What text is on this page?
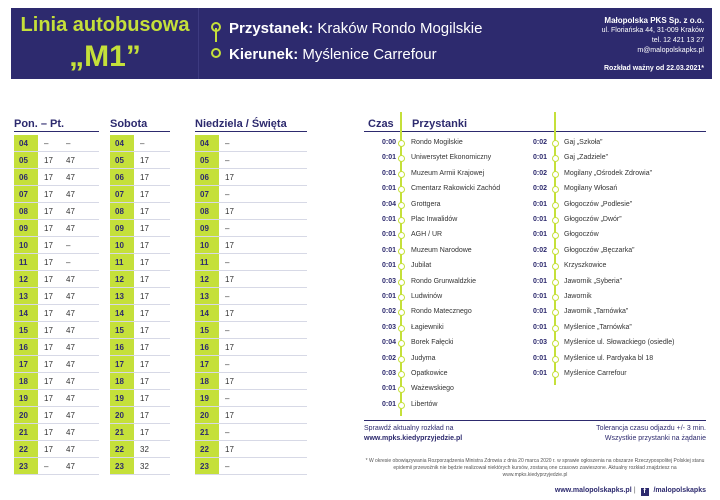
Linia autobusowa
„M1”
Przystanek: Kraków Rondo Mogilskie
Kierunek: Myślenice Carrefour
Małopolska PKS Sp. z o.o.
ul. Floriańska 44, 31-009 Kraków
tel. 12 421 13 27
m@malopolskapks.pl
Rozkład ważny od 22.03.2021*
Pon. – Pt.
04	– –
05	17 47
06	17 47
07	17 47
08	17 47
09	17 47
10	17 –
11	17 –
12	17 47
13	17 47
14	17 47
15	17 47
16	17 47
17	17 47
18	17 47
19	17 47
20	17 47
21	17 47
22	17 47
23	– 47
Sobota
04	–
05	17
06	17
07	17
08	17
09	17
10	17
11	17
12	17
13	17
14	17
15	17
16	17
17	17
18	17
19	17
20	17
21	17
22	32
23	32
Niedziela / Święta
04	–
05	–
06	17
07	–
08	17
09	–
10	17
11	–
12	17
13	–
14	17
15	–
16	17
17	–
18	17
19	–
20	17
21	–
22	17
23	–
Czas Przystanki
0:00 Rondo Mogilskie
0:01 Uniwersytet Ekonomiczny
0:01 Muzeum Armii Krajowej
0:01 Cmentarz Rakowicki Zachód
0:04 Grottgera
0:01 Plac Inwalidów
0:01 AGH / UR
0:01 Muzeum Narodowe
0:01 Jubilat
0:03 Rondo Grunwaldzkie
0:01 Ludwinów
0:02 Rondo Matecznego
0:03 Łagiewniki
0:04 Borek Fałęcki
0:02 Judyma
0:03 Opatkowice
0:01 Ważewskiego
0:01 Libertów
0:02 Gaj „Szkoła”
0:01 Gaj „Zadziele”
0:02 Mogilany „Ośrodek Zdrowia”
0:02 Mogilany Włosań
0:01 Głogoczów „Podlesie”
0:01 Głogoczów „Dwór”
0:01 Głogoczów
0:02 Głogoczów „Bęczarka”
0:01 Krzyszkowice
0:01 Jawornik „Syberia”
0:01 Jawornik
0:01 Jawornik „Tarnówka”
0:01 Myślenice „Tarnówka”
0:03 Myślenice ul. Słowackiego (osiedle)
0:01 Myślenice ul. Pardyaka bl 18
0:01 Myślenice Carrefour
Sprawdź aktualny rozkład na
www.mpks.kiedyprzyjedzie.pl
Tolerancja czasu odjazdu +/- 3 min.
Wszystkie przystanki na żądanie
* W okresie obowiązywania Rozporządzenia Ministra Zdrowia z dnia 20 marca 2020 r. w sprawie ogłoszenia na obszarze Rzeczypospolitej Polskiej stanu epidemii przewoźnik nie będzie realizował niektórych kursów, zostaną one czasowo zawieszone. Aktualny rozkład znajdziesz na www.mpks.kiedyprzyjedzie.pl
www.malopolskapks.pl | f /malopolskapks
